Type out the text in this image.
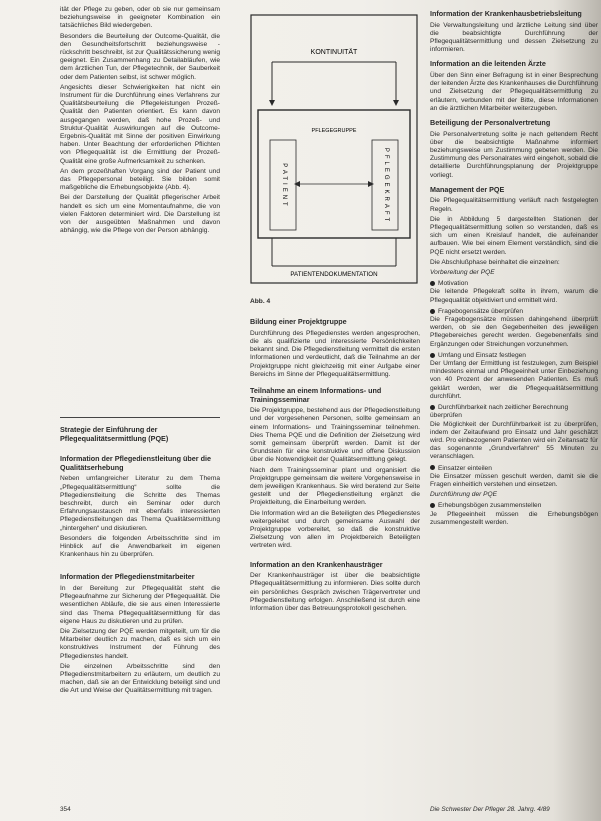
ität der Pflege zu geben, oder ob sie nur gemeinsam beziehungsweise in geeigneter Kombination ein tatsächliches Bild wiedergeben.

Besonders die Beurteilung der Outcome-Qualität, die den Gesundheitsfortschritt beziehungsweise -rückschritt beschreibt, ist zur Qualitätssicherung wenig geeignet. Ein Zusammenhang zu Detailabläufen, wie dem ärztlichen Tun, der Pflegetechnik, der Sauberkeit oder dem Patienten selbst, ist schwer möglich.

Angesichts dieser Schwierigkeiten hat nicht ein Instrument für die Durchführung eines Verfahrens zur Qualitätsbeurteilung die Pflegeleistungen Prozeß-Qualität den Patienten orientiert. Es kann davon ausgegangen werden, daß hohe Prozeß- und Struktur-Qualität Auswirkungen auf die Outcome-Ergebnis-Qualität mit Sinne der positiven Einwirkung haben. Unter Beachtung der erforderlichen Pflichten von Pflegequalität ist die Ermittlung der Prozeß-Qualität eine große Aufmerksamkeit zu schenken.

An dem prozeßhaften Vorgang sind der Patient und das Pflegepersonal beteiligt. Sie bilden somit maßgebliche die Erhebungsobjekte (Abb. 4).

Bei der Darstellung der Qualität pflegerischer Arbeit handelt es sich um eine Momentaufnahme, die von vielen Faktoren determiniert wird. Die Darstellung ist von der ausgeübten Maßnahmen und davon abhängig, wie die Pflege von der Person abhängig.

Strategie der Einführung der Pflegequalitätsermittlung (PQE)
Information der Pflegedienstleitung über die Qualitätserhebung

Neben umfangreicher Literatur zu dem Thema „Pflegequalitätsermittlung“ sollte die Pflegedienstleitung die Schritte des Themas beschreibt, durch ein Seminar oder durch Erfahrungsaustausch mit ebenfalls interessierten Pflegedienstleitungen das Thema Qualitätsermittlung „hintergehen“ und diskutieren.

Besonders die folgenden Arbeitsschritte sind im Hinblick auf die Anwendbarkeit im eigenen Krankenhaus hin zu überprüfen.

Information der Pflegedienstmitarbeiter

In der Bereitung zur Pflegequalität steht die Pflegeaufnahme zur Sicherung der Pflegequalität. Die wesentlichen Abläufe, die sie aus einen Interessierte sind das Thema Pflegequalitätsermittlung für das eigene Haus zu diskutieren und zu prüfen.

Die Zielsetzung der PQE werden mitgeteilt, um für die Mitarbeiter deutlich zu machen, daß es sich um ein konstruktives Instrument der Führung des Pflegedienstes handelt.

Die einzelnen Arbeitsschritte sind den Pflegedienstmitarbeitern zu erläutern, um deutlich zu machen, daß sie an der Entwicklung beteiligt sind und die Art und Weise der Qualitätsermittlung mit tragen.

354
KONTINUITÄT
PFLEGEGRUPPE
PATIENT	PFLEGEKRAFT
PATIENTENDOKUMENTATION

Abb. 4

Bildung einer Projektgruppe

Durchführung des Pflegedienstes werden angesprochen, die als qualifizierte und interessierte Persönlichkeiten bekannt sind. Die Pflegedienstleitung vermittelt die ersten Informationen und verdeutlicht, daß die Teilnahme an der Projektgruppe nicht gleichzeitig mit einer Aufgabe einer Bereichs im Sinne der Pflegequalitätsermittlung.

Teilnahme an einem Informations- und Trainingsseminar

Die Projektgruppe, bestehend aus der Pflegedienstleitung und der vorgesehenen Personen, sollte gemeinsam an einem Informations- und Trainingsseminar teilnehmen. Dies Thema PQE und die Definition der Zielsetzung wird somit gemeinsam überprüft werden. Damit ist der Grundstein für eine konstruktive und offene Diskussion über die Notwendigkeit der Qualitätsermittlung gelegt.

Nach dem Trainingsseminar plant und organisiert die Projektgruppe gemeinsam die weitere Vorgehensweise in dem jeweiligen Krankenhaus. Sie wird beratend zur Seite gestellt und der Pflegedienstleitung ergänzt die Projektleitung, die Einarbeitung werden.

Die Information wird an die Beteiligten des Pflegedienstes weitergeleitet und durch gemeinsame Auswahl der Projektgruppe vorbereitet, so daß die konstruktive Zielsetzung von allen im Projektbereich Beteiligten vertreten wird.

Information an den Krankenhausträger

Der Krankenhausträger ist über die beabsichtigte Pflegequalitätsermittlung zu informieren. Dies sollte durch ein persönliches Gespräch zwischen Trägervertreter und Pflegedienstleitung erfolgen. Anschließend ist durch eine Information über das Betreuungsprotokoll geschehen.

Information der Krankenhausbetriebsleitung

Die Verwaltungsleitung und ärztliche Leitung sind über die beabsichtigte Durchführung der Pflegequalitätsermittlung und dessen Zielsetzung zu informieren.

Information an die leitenden Ärzte

Über den Sinn einer Befragung ist in einer Besprechung der leitenden Ärzte des Krankenhauses die Durchführung und Zielsetzung der Pflegequalitätsermittlung zu erläutern, verbunden mit der Bitte, diese Informationen an die ärztlichen Mitarbeiter weiterzugeben.

Beteiligung der Personalvertretung

Die Personalvertretung sollte je nach geltendem Recht über die beabsichtigte Maßnahme informiert beziehungsweise um Zustimmung gebeten werden. Die Zustimmung des Personalrates wird eingeholt, sobald die detaillierte Durchführungsplanung der Projektgruppe vorliegt.

Management der PQE

Die Pflegequalitätsermittlung verläuft nach festgelegten Regeln.

Die in Abbildung 5 dargestellten Stationen der Pflegequalitätsermittlung sollen so verstanden, daß es sich um einen Kreislauf handelt, die aufeinander aufbauen. Wie bei einem Element verständlich, sind die PQE nicht ersetzt werden.

Die Abschlußphase beinhaltet die einzelnen:

Vorbereitung der PQE

Motivation

Die leitende Pflegekraft sollte in ihrem, warum die Pflegequalität objektiviert und ermittelt wird.

Fragebogensätze überprüfen

Die Fragebogensätze müssen dahingehend überprüft werden, ob sie den Gegebenheiten des jeweiligen Pflegebereiches gerecht werden. Gegebenenfalls sind Ergänzungen oder Streichungen vorzunehmen.

Umfang und Einsatz festlegen

Der Umfang der Ermittlung ist festzulegen, zum Beispiel mindestens einmal und Pflegeeinheit unter Einbeziehung von 40 Prozent der anwesenden Patienten. Es muß geklärt werden, wer die Pflegequalitätsermittlung durchführt.

Durchführbarkeit nach zeitlicher Berechnung überprüfen

Die Möglichkeit der Durchführbarkeit ist zu überprüfen, indem der Zeitaufwand pro Einsatz und Jahr geschätzt wird. Pro einbezogenem Patienten wird ein Zeitansatz für das sogenannte „Grundverfahren“ 55 Minuten zu veranschlagen.

Einsatzer einteilen

Die Einsatzer müssen geschult werden, damit sie die Fragen einheitlich verstehen und einsetzen.

Durchführung der PQE

Erhebungsbögen zusammenstellen

Je Pflegeeinheit müssen die Erhebungsbögen zusammengestellt werden.

Die Schwester Der Pfleger 28. Jahrg. 4/89
